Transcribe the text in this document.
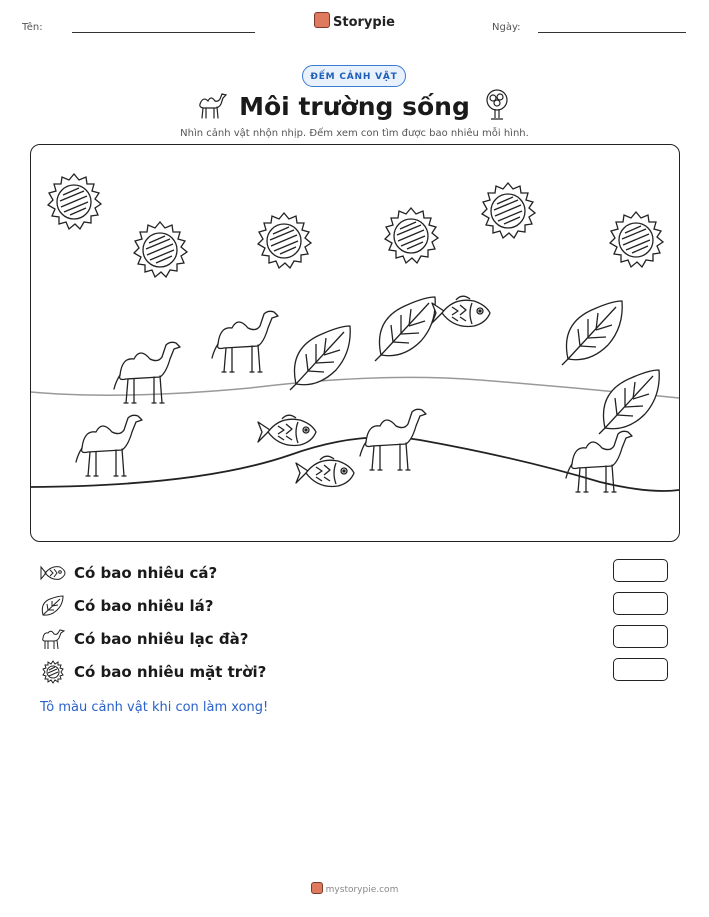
Tên:	Storypie	Ngày:
ĐẾM CẢNH VẬT
Môi trường sống
Nhìn cảnh vật nhộn nhịp. Đếm xem con tìm được bao nhiêu mỗi hình.
Có bao nhiêu cá?
Có bao nhiêu lá?
Có bao nhiêu lạc đà?
Có bao nhiêu mặt trời?
Tô màu cảnh vật khi con làm xong!
mystorypie.com
